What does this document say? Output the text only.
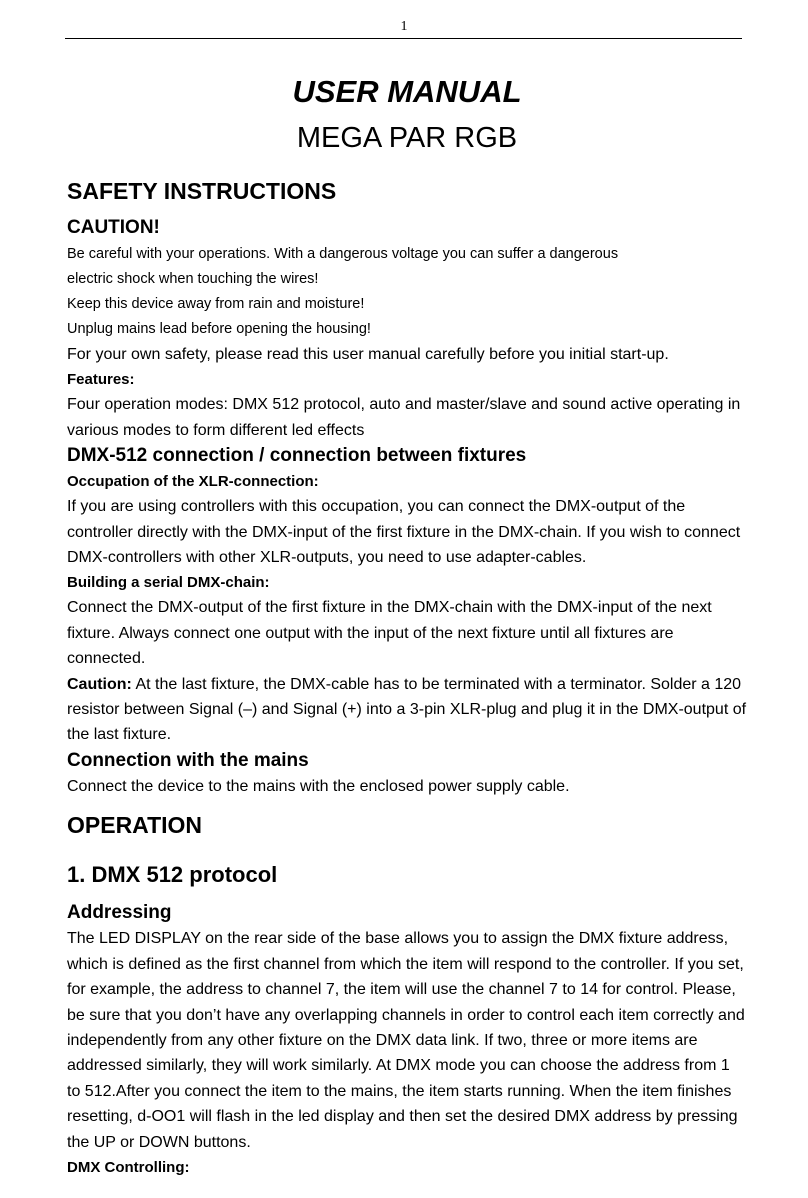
1
USER MANUAL
MEGA PAR RGB
SAFETY INSTRUCTIONS
CAUTION!

Be careful with your operations. With a dangerous voltage you can suffer a dangerous

electric shock when touching the wires!

Keep this device away from rain and moisture!

Unplug mains lead before opening the housing!

For your own safety, please read this user manual carefully before you initial start-up.

Features:

Four operation modes: DMX 512 protocol, auto and master/slave and sound active operating in various modes to form different led effects

DMX-512 connection / connection between fixtures
Occupation of the XLR-connection:

If you are using controllers with this occupation, you can connect the DMX-output of the controller directly with the DMX-input of the first fixture in the DMX-chain. If you wish to connect DMX-controllers with other XLR-outputs, you need to use adapter-cables.

Building a serial DMX-chain:

Connect the DMX-output of the first fixture in the DMX-chain with the DMX-input of the next fixture. Always connect one output with the input of the next fixture until all fixtures are connected.

Caution: At the last fixture, the DMX-cable has to be terminated with a terminator. Solder a 120 resistor between Signal (–) and Signal (+) into a 3-pin XLR-plug and plug it in the DMX-output of the last fixture.

Connection with the mains

Connect the device to the mains with the enclosed power supply cable.

OPERATION
1. DMX 512 protocol
Addressing

The LED DISPLAY on the rear side of the base allows you to assign the DMX fixture address, which is defined as the first channel from which the item will respond to the controller. If you set, for example, the address to channel 7, the item will use the channel 7 to 14 for control. Please, be sure that you don’t have any overlapping channels in order to control each item correctly and independently from any other fixture on the DMX data link. If two, three or more items are addressed similarly, they will work similarly. At DMX mode you can choose the address from 1 to 512.After you connect the item to the mains, the item starts running. When the item finishes resetting, d-OO1 will flash in the led display and then set the desired DMX address by pressing the UP or DOWN buttons.

DMX Controlling:
